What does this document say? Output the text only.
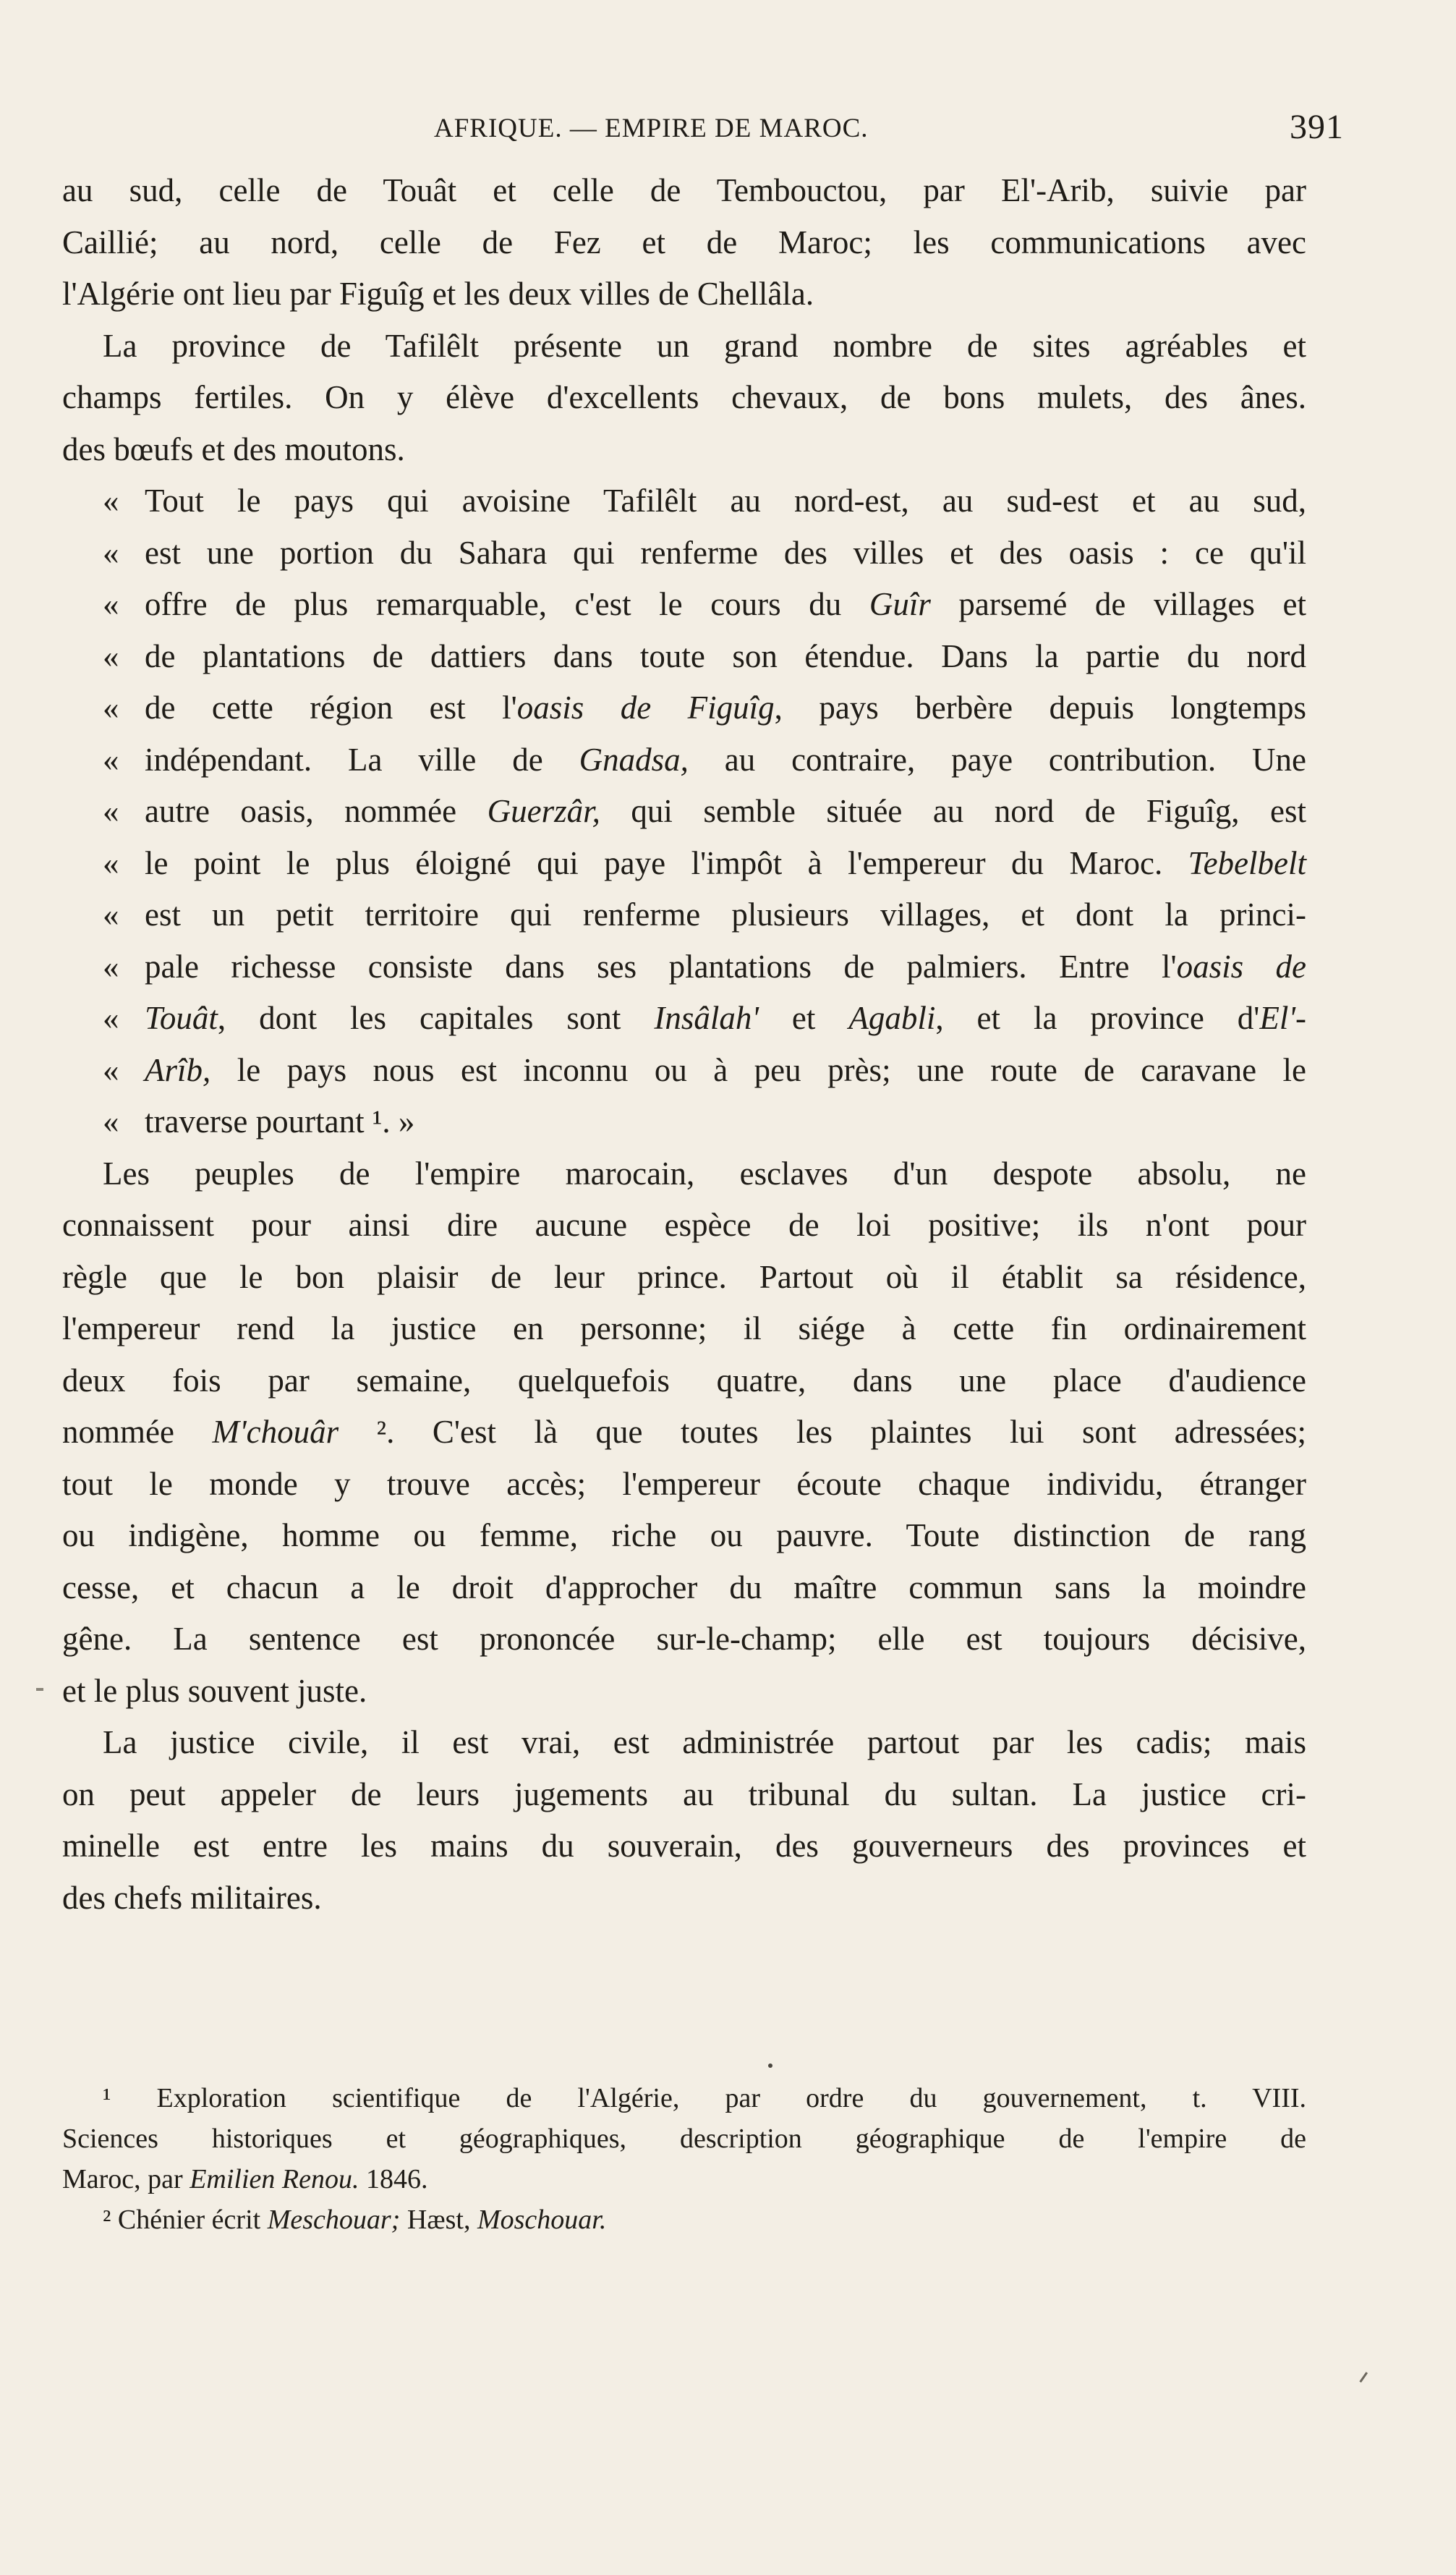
AFRIQUE. — EMPIRE DE MAROC.	391
au sud, celle de Touât et celle de Tembouctou, par El'-Arib, suivie par
Caillié; au nord, celle de Fez et de Maroc; les communications avec
l'Algérie ont lieu par Figuîg et les deux villes de Chellâla.
La province de Tafilêlt présente un grand nombre de sites agréables et
champs fertiles. On y élève d'excellents chevaux, de bons mulets, des ânes.
des bœufs et des moutons.
« Tout le pays qui avoisine Tafilêlt au nord-est, au sud-est et au sud,
« est une portion du Sahara qui renferme des villes et des oasis : ce qu'il
« offre de plus remarquable, c'est le cours du Guîr parsemé de villages et
« de plantations de dattiers dans toute son étendue. Dans la partie du nord
« de cette région est l'oasis de Figuîg, pays berbère depuis longtemps
« indépendant. La ville de Gnadsa, au contraire, paye contribution. Une
« autre oasis, nommée Guerzâr, qui semble située au nord de Figuîg, est
« le point le plus éloigné qui paye l'impôt à l'empereur du Maroc. Tebelbelt
« est un petit territoire qui renferme plusieurs villages, et dont la princi-
« pale richesse consiste dans ses plantations de palmiers. Entre l'oasis de
« Touât, dont les capitales sont Insâlah' et Agabli, et la province d'El'-
« Arîb, le pays nous est inconnu ou à peu près; une route de caravane le
« traverse pourtant ¹. »
Les peuples de l'empire marocain, esclaves d'un despote absolu, ne
connaissent pour ainsi dire aucune espèce de loi positive; ils n'ont pour
règle que le bon plaisir de leur prince. Partout où il établit sa résidence,
l'empereur rend la justice en personne; il siége à cette fin ordinairement
deux fois par semaine, quelquefois quatre, dans une place d'audience
nommée M'chouâr ². C'est là que toutes les plaintes lui sont adressées;
tout le monde y trouve accès; l'empereur écoute chaque individu, étranger
ou indigène, homme ou femme, riche ou pauvre. Toute distinction de rang
cesse, et chacun a le droit d'approcher du maître commun sans la moindre
gêne. La sentence est prononcée sur-le-champ; elle est toujours décisive,
et le plus souvent juste.
La justice civile, il est vrai, est administrée partout par les cadis; mais
on peut appeler de leurs jugements au tribunal du sultan. La justice cri-
minelle est entre les mains du souverain, des gouverneurs des provinces et
des chefs militaires.
¹ Exploration scientifique de l'Algérie, par ordre du gouvernement, t. VIII.
Sciences historiques et géographiques, description géographique de l'empire de
Maroc, par Emilien Renou. 1846.
² Chénier écrit Meschouar; Hæst, Moschouar.
